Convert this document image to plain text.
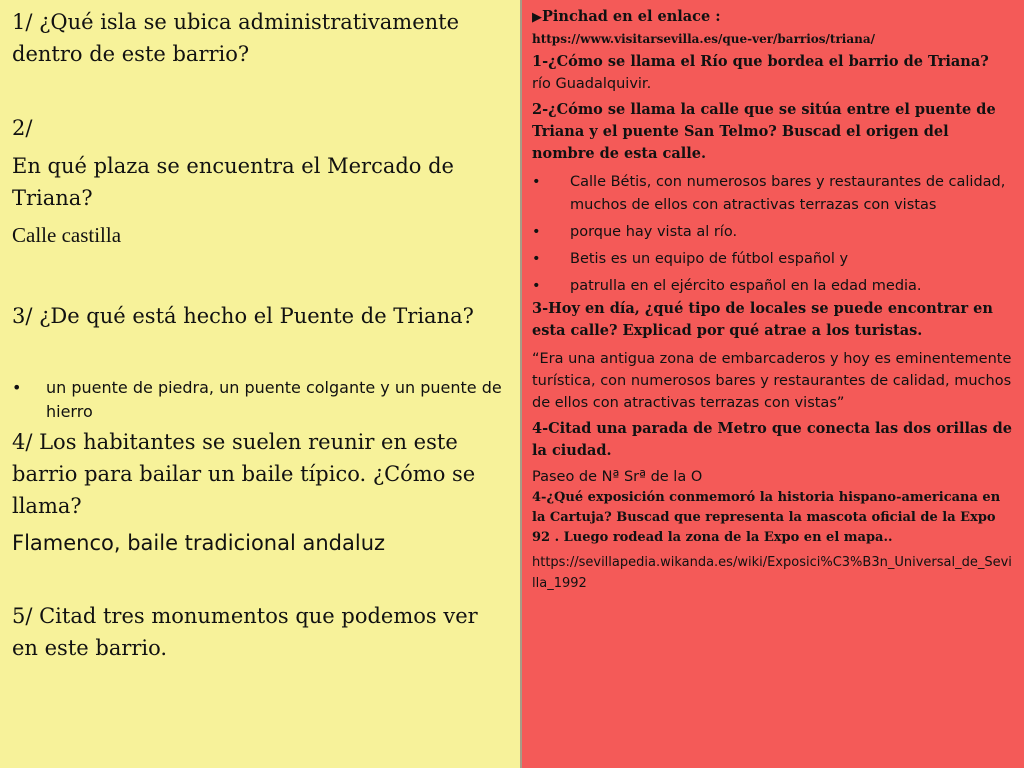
1/ ¿Qué isla se ubica administrativamente dentro de este barrio?

2/

En qué plaza se encuentra el Mercado de Triana?

Calle castilla

3/ ¿De qué está hecho el Puente de Triana?

•	un puente de piedra, un puente colgante y un puente de hierro

4/ Los habitantes se suelen reunir en este barrio para bailar un baile típico. ¿Cómo se llama?

Flamenco, baile tradicional andaluz

5/ Citad tres monumentos que podemos ver en este barrio.

▶Pinchad en el enlace :

https://www.visitarsevilla.es/que-ver/barrios/triana/

1-¿Cómo se llama el Río que bordea el barrio de Triana?

río Guadalquivir.

2-¿Cómo se llama la calle que se sitúa entre el puente de Triana y el puente San Telmo? Buscad el origen del nombre de esta calle.

•	Calle Bétis, con numerosos bares y restaurantes de calidad, muchos de ellos con atractivas terrazas con vistas
•	porque hay vista al río.
•	Betis es un equipo de fútbol español y
•	patrulla en el ejército español en la edad media.

3-Hoy en día, ¿qué tipo de locales se puede encontrar en esta calle? Explicad por qué atrae a los turistas.

“Era una antigua zona de embarcaderos y hoy es eminentemente turística, con numerosos bares y restaurantes de calidad, muchos de ellos con atractivas terrazas con vistas”

4-Citad una parada de Metro que conecta las dos orillas de la ciudad.

Paseo de Nª Srª de la O

4-¿Qué exposición conmemoró la historia hispano-americana en la Cartuja? Buscad que representa la mascota oficial de la Expo 92 . Luego rodead la zona de la Expo en el mapa..

https://sevillapedia.wikanda.es/wiki/Exposici%C3%B3n_Universal_de_Sevilla_1992
